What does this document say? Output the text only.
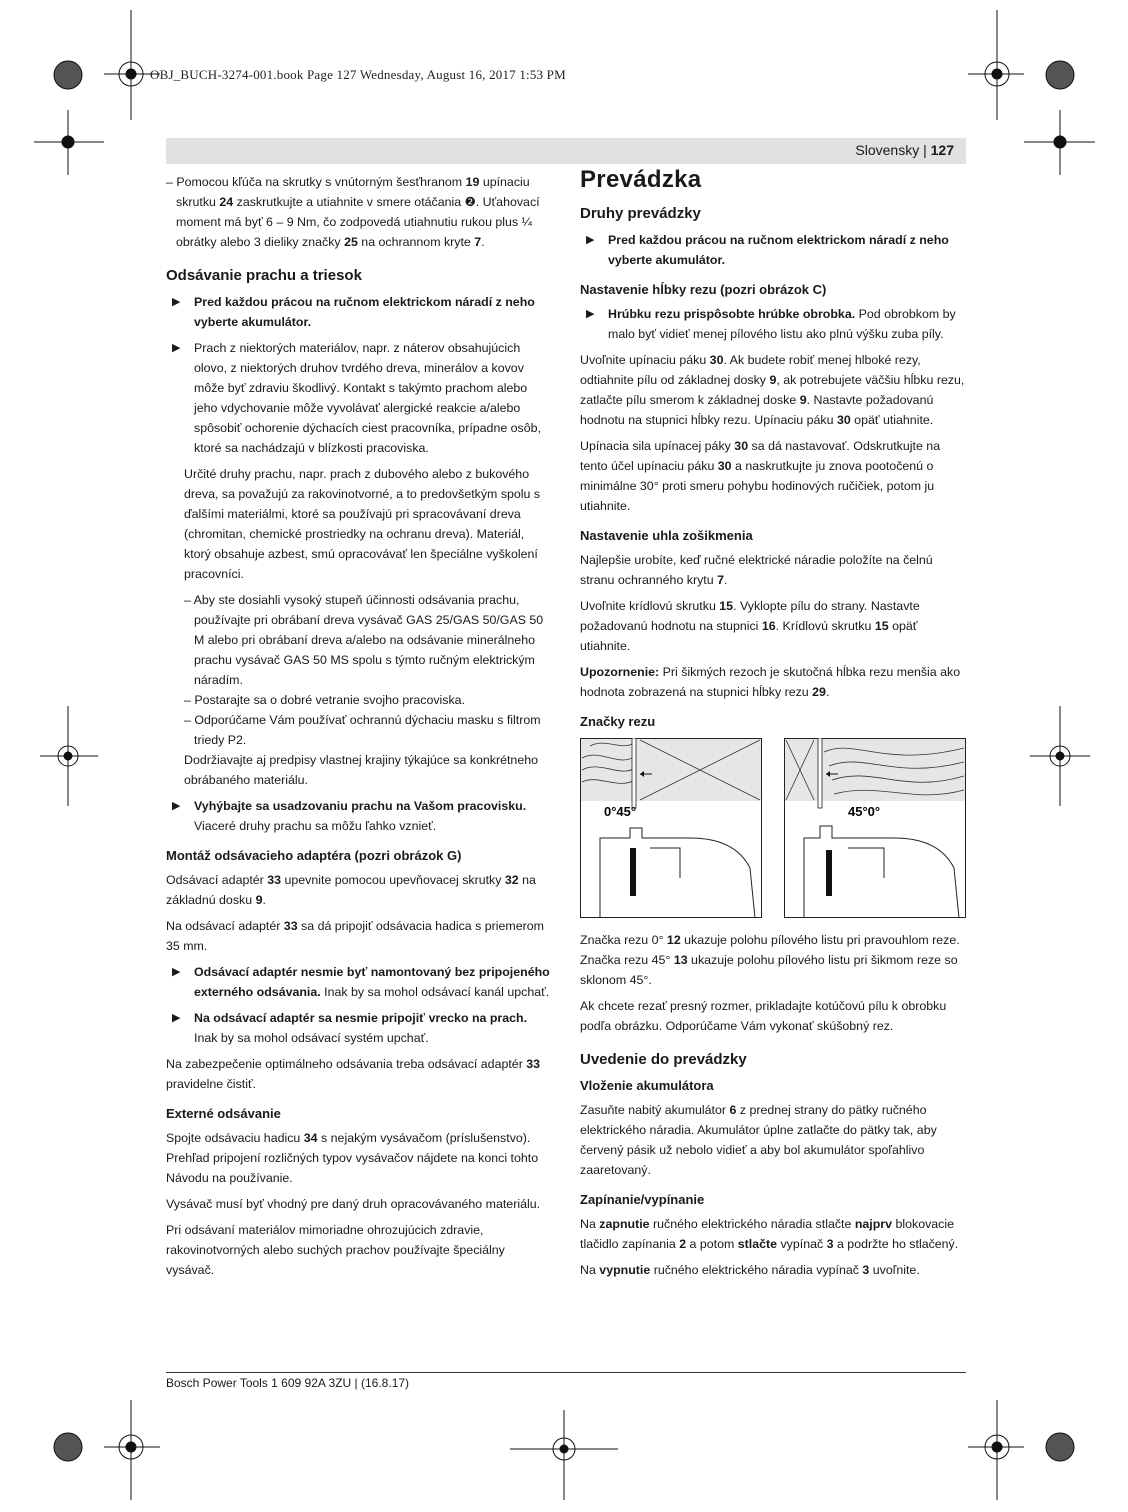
OBJ_BUCH-3274-001.book Page 127 Wednesday, August 16, 2017 1:53 PM
Slovensky | 127

– Pomocou kľúča na skrutky s vnútorným šesťhranom 19 upínaciu skrutku 24 zaskrutkujte a utiahnite v smere otáčania ❷. Uťahovací moment má byť 6 – 9 Nm, čo zodpovedá utiahnutiu rukou plus ¼ obrátky alebo 3 dieliky značky 25 na ochrannom kryte 7.

Odsávanie prachu a triesok
▶	Pred každou prácou na ručnom elektrickom náradí z neho vyberte akumulátor.
▶	Prach z niektorých materiálov, napr. z náterov obsahujúcich olovo, z niektorých druhov tvrdého dreva, minerálov a kovov môže byť zdraviu škodlivý. Kontakt s takýmto prachom alebo jeho vdychovanie môže vyvolávať alergické reakcie a/alebo spôsobiť ochorenie dýchacích ciest pracovníka, prípadne osôb, ktoré sa nachádzajú v blízkosti pracoviska.

Určité druhy prachu, napr. prach z dubového alebo z bukového dreva, sa považujú za rakovinotvorné, a to predovšetkým spolu s ďalšími materiálmi, ktoré sa používajú pri spracovávaní dreva (chromitan, chemické prostriedky na ochranu dreva). Materiál, ktorý obsahuje azbest, smú opracovávať len špeciálne vyškolení pracovníci.

– Aby ste dosiahli vysoký stupeň účinnosti odsávania prachu, používajte pri obrábaní dreva vysávač GAS 25/GAS 50/GAS 50 M alebo pri obrábaní dreva a/alebo na odsávanie minerálneho prachu vysávač GAS 50 MS spolu s týmto ručným elektrickým náradím.

– Postarajte sa o dobré vetranie svojho pracoviska.

– Odporúčame Vám používať ochrannú dýchaciu masku s filtrom triedy P2.

Dodržiavajte aj predpisy vlastnej krajiny týkajúce sa konkrétneho obrábaného materiálu.

▶	Vyhýbajte sa usadzovaniu prachu na Vašom pracovisku. Viaceré druhy prachu sa môžu ľahko vznieť.
Montáž odsávacieho adaptéra (pozri obrázok G)

Odsávací adaptér 33 upevnite pomocou upevňovacej skrutky 32 na základnú dosku 9.

Na odsávací adaptér 33 sa dá pripojiť odsávacia hadica s priemerom 35 mm.

▶	Odsávací adaptér nesmie byť namontovaný bez pripojeného externého odsávania. Inak by sa mohol odsávací kanál upchať.
▶	Na odsávací adaptér sa nesmie pripojiť vrecko na prach. Inak by sa mohol odsávací systém upchať.

Na zabezpečenie optimálneho odsávania treba odsávací adaptér 33 pravidelne čistiť.

Externé odsávanie

Spojte odsávaciu hadicu 34 s nejakým vysávačom (príslušenstvo). Prehľad pripojení rozličných typov vysávačov nájdete na konci tohto Návodu na používanie.

Vysávač musí byť vhodný pre daný druh opracovávaného materiálu.

Pri odsávaní materiálov mimoriadne ohrozujúcich zdravie, rakovinotvorných alebo suchých prachov používajte špeciálny vysávač.

Prevádzka
Druhy prevádzky
▶	Pred každou prácou na ručnom elektrickom náradí z neho vyberte akumulátor.
Nastavenie hĺbky rezu (pozri obrázok C)
▶	Hrúbku rezu prispôsobte hrúbke obrobka. Pod obrobkom by malo byť vidieť menej pílového listu ako plnú výšku zuba píly.

Uvoľnite upínaciu páku 30. Ak budete robiť menej hlboké rezy, odtiahnite pílu od základnej dosky 9, ak potrebujete väčšiu hĺbku rezu, zatlačte pílu smerom k základnej doske 9. Nastavte požadovanú hodnotu na stupnici hĺbky rezu. Upínaciu páku 30 opäť utiahnite.

Upínacia sila upínacej páky 30 sa dá nastavovať. Odskrutkujte na tento účel upínaciu páku 30 a naskrutkujte ju znova pootočenú o minimálne 30° proti smeru pohybu hodinových ručičiek, potom ju utiahnite.

Nastavenie uhla zošikmenia

Najlepšie urobíte, keď ručné elektrické náradie položíte na čelnú stranu ochranného krytu 7.

Uvoľnite krídlovú skrutku 15. Vyklopte pílu do strany. Nastavte požadovanú hodnotu na stupnici 16. Krídlovú skrutku 15 opäť utiahnite.

Upozornenie: Pri šikmých rezoch je skutočná hĺbka rezu menšia ako hodnota zobrazená na stupnici hĺbky rezu 29.

Značky rezu
0°45°	45°0°

Značka rezu 0° 12 ukazuje polohu pílového listu pri pravouhlom reze. Značka rezu 45° 13 ukazuje polohu pílového listu pri šikmom reze so sklonom 45°.

Ak chcete rezať presný rozmer, prikladajte kotúčovú pílu k obrobku podľa obrázku. Odporúčame Vám vykonať skúšobný rez.

Uvedenie do prevádzky
Vloženie akumulátora

Zasuňte nabitý akumulátor 6 z prednej strany do pätky ručného elektrického náradia. Akumulátor úplne zatlačte do pätky tak, aby červený pásik už nebolo vidieť a aby bol akumulátor spoľahlivo zaaretovaný.

Zapínanie/vypínanie

Na zapnutie ručného elektrického náradia stlačte najprv blokovacie tlačidlo zapínania 2 a potom stlačte vypínač 3 a podržte ho stlačený.

Na vypnutie ručného elektrického náradia vypínač 3 uvoľnite.

Bosch Power Tools 1 609 92A 3ZU | (16.8.17)
